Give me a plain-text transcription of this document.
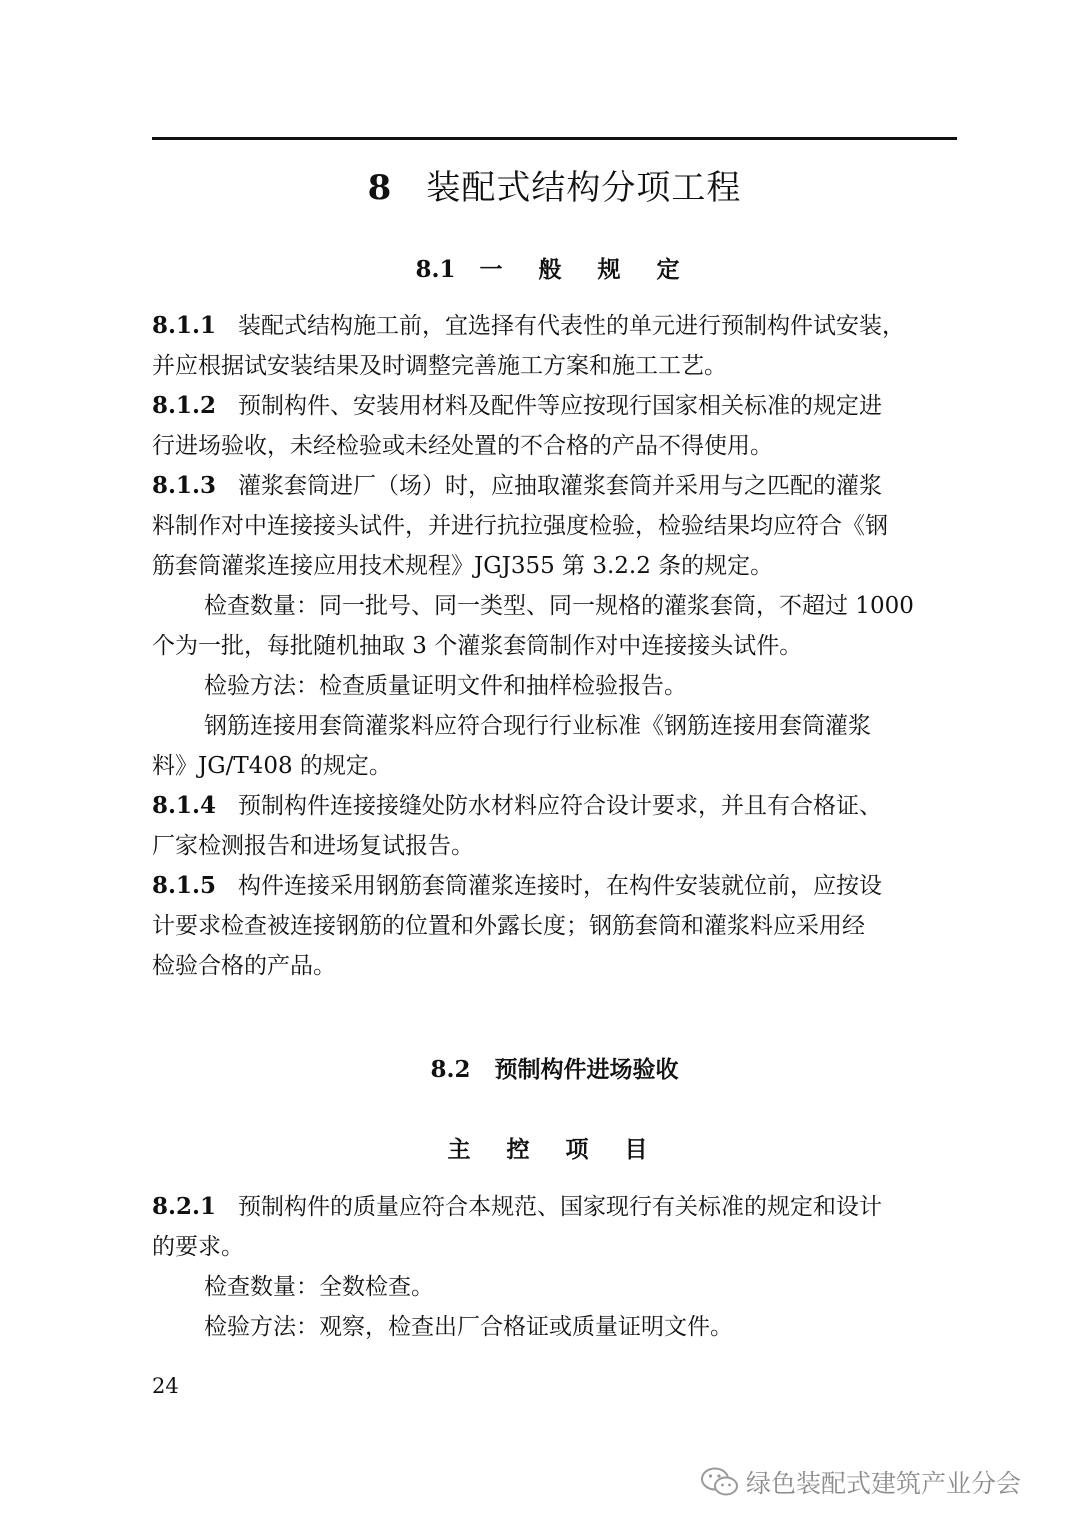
8 装配式结构分项工程
8.1 一 般 规 定
8.1.1 装配式结构施工前，宜选择有代表性的单元进行预制构件试安装，
并应根据试安装结果及时调整完善施工方案和施工工艺。
8.1.2 预制构件、安装用材料及配件等应按现行国家相关标准的规定进
行进场验收，未经检验或未经处置的不合格的产品不得使用。
8.1.3 灌浆套筒进厂（场）时，应抽取灌浆套筒并采用与之匹配的灌浆
料制作对中连接接头试件，并进行抗拉强度检验，检验结果均应符合《钢
筋套筒灌浆连接应用技术规程》JGJ355 第 3.2.2 条的规定。
检查数量：同一批号、同一类型、同一规格的灌浆套筒，不超过 1000
个为一批，每批随机抽取 3 个灌浆套筒制作对中连接接头试件。
检验方法：检查质量证明文件和抽样检验报告。
钢筋连接用套筒灌浆料应符合现行行业标准《钢筋连接用套筒灌浆
料》JG/T408 的规定。
8.1.4 预制构件连接接缝处防水材料应符合设计要求，并且有合格证、
厂家检测报告和进场复试报告。
8.1.5 构件连接采用钢筋套筒灌浆连接时，在构件安装就位前，应按设
计要求检查被连接钢筋的位置和外露长度；钢筋套筒和灌浆料应采用经
检验合格的产品。
8.2 预制构件进场验收
主 控 项 目
8.2.1 预制构件的质量应符合本规范、国家现行有关标准的规定和设计
的要求。
检查数量：全数检查。
检验方法：观察，检查出厂合格证或质量证明文件。
24
绿色装配式建筑产业分会
